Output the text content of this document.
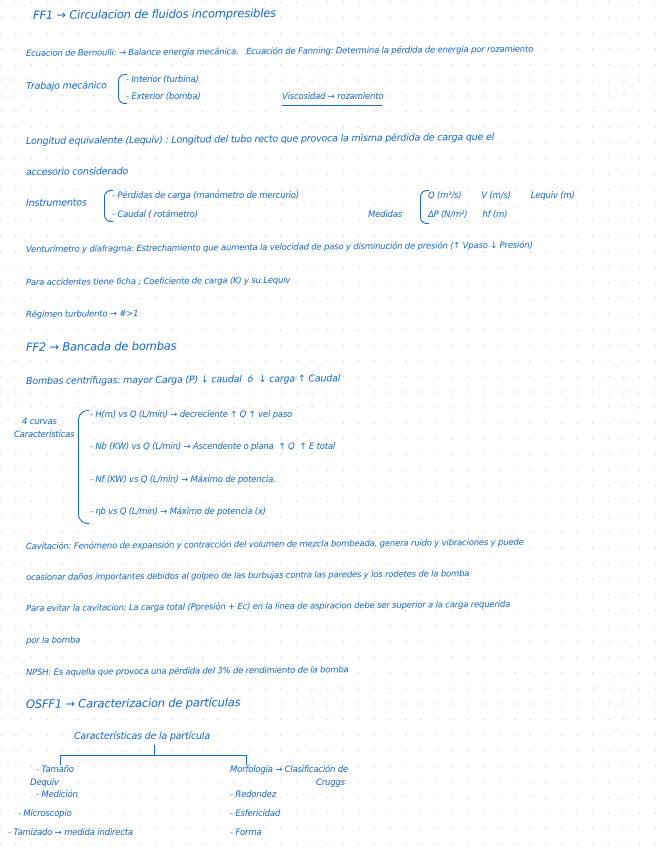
FF1 → Circulacion de fluidos incompresibles
Ecuacion de Bernoulli: → Balance energia mecánica.   Ecuación de Fanning: Determina la pérdida de energía por rozamiento
Trabajo mecánico
- Interior (turbina)
- Exterior (bomba)	Viscosidad → rozamiento
Longitud equivalente (Lequiv) : Longitud del tubo recto que provoca la misma pérdida de carga que el
accesorio considerado
Instrumentos
- Pérdidas de carga (manómetro de mercurio)
- Caudal ( rotámetro)	Medidas
Q (m³/s)        V (m/s)        Lequiv (m)
ΔP (N/m²)      hf (m)
Venturímetro y diafragma: Estrechamiento que aumenta la velocidad de paso y disminución de presión (↑ Vpaso ↓ Presión)
Para accidentes tiene ficha ; Coeficiente de carga (K) y su Lequiv
Régimen turbulento → #>1
FF2 → Bancada de bombas
Bombas centrífugas: mayor Carga (P) ↓ caudal  ó  ↓ carga ↑ Caudal
4 curvas
Características
- H(m) vs Q (L/min) → decreciente ↑ Q ↑ vel paso
- Nb (KW) vs Q (L/min) → Ascendente o plana  ↑ Q  ↑ E total
- Nf (KW) vs Q (L/min) → Máximo de potencia.
- ηb vs Q (L/min) → Máximo de potencia (x)
Cavitación: Fenómeno de expansión y contracción del volumen de mezcla bombeada, genera ruido y vibraciones y puede
ocasionar daños importantes debidos al golpeo de las burbujas contra las paredes y los rodetes de la bomba
Para evitar la cavitacion: La carga total (Ppresión + Ec) en la linea de aspiracion debe ser superior a la carga requerida
por la bomba
NPSH: Es aquella que provoca una pérdida del 3% de rendimiento de la bomba
OSFF1 → Caracterizacion de partículas
Características de la partícula
- Tamaño
Dequiv
- Medición
- Microscopio
- Tamizado → medida indirecta
Morfología → Clasificación de
Cruggs
- Redondez
- Esfericidad
- Forma
